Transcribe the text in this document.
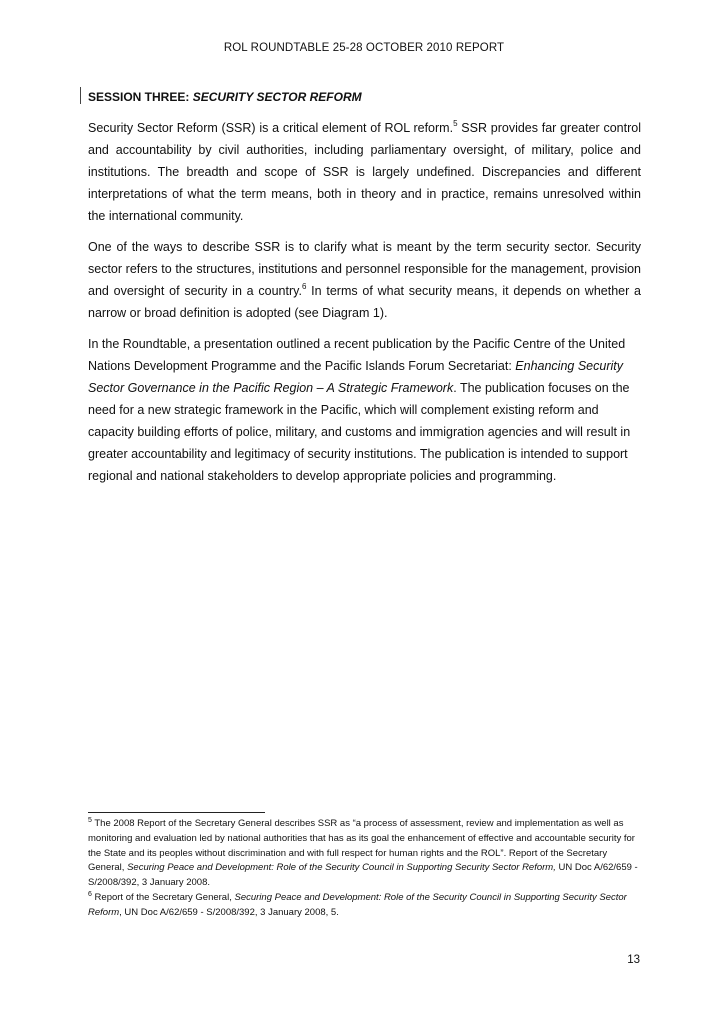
ROL ROUNDTABLE 25-28 OCTOBER 2010 REPORT
SESSION THREE: SECURITY SECTOR REFORM

Security Sector Reform (SSR) is a critical element of ROL reform.$^5$ SSR provides far greater control and accountability by civil authorities, including parliamentary oversight, of military, police and institutions. The breadth and scope of SSR is largely undefined. Discrepancies and different interpretations of what the term means, both in theory and in practice, remains unresolved within the international community.

One of the ways to describe SSR is to clarify what is meant by the term security sector. Security sector refers to the structures, institutions and personnel responsible for the management, provision and oversight of security in a country.$^6$ In terms of what security means, it depends on whether a narrow or broad definition is adopted (see Diagram 1).

In the Roundtable, a presentation outlined a recent publication by the Pacific Centre of the United Nations Development Programme and the Pacific Islands Forum Secretariat: Enhancing Security Sector Governance in the Pacific Region – A Strategic Framework. The publication focuses on the need for a new strategic framework in the Pacific, which will complement existing reform and capacity building efforts of police, military, and customs and immigration agencies and will result in greater accountability and legitimacy of security institutions. The publication is intended to support regional and national stakeholders to develop appropriate policies and programming.

$^5$ The 2008 Report of the Secretary General describes SSR as “a process of assessment, review and implementation as well as monitoring and evaluation led by national authorities that has as its goal the enhancement of effective and accountable security for the State and its peoples without discrimination and with full respect for human rights and the ROL”. Report of the Secretary General, Securing Peace and Development: Role of the Security Council in Supporting Security Sector Reform, UN Doc A/62/659 - S/2008/392, 3 January 2008.

$^6$ Report of the Secretary General, Securing Peace and Development: Role of the Security Council in Supporting Security Sector Reform, UN Doc A/62/659 - S/2008/392, 3 January 2008, 5.

13
